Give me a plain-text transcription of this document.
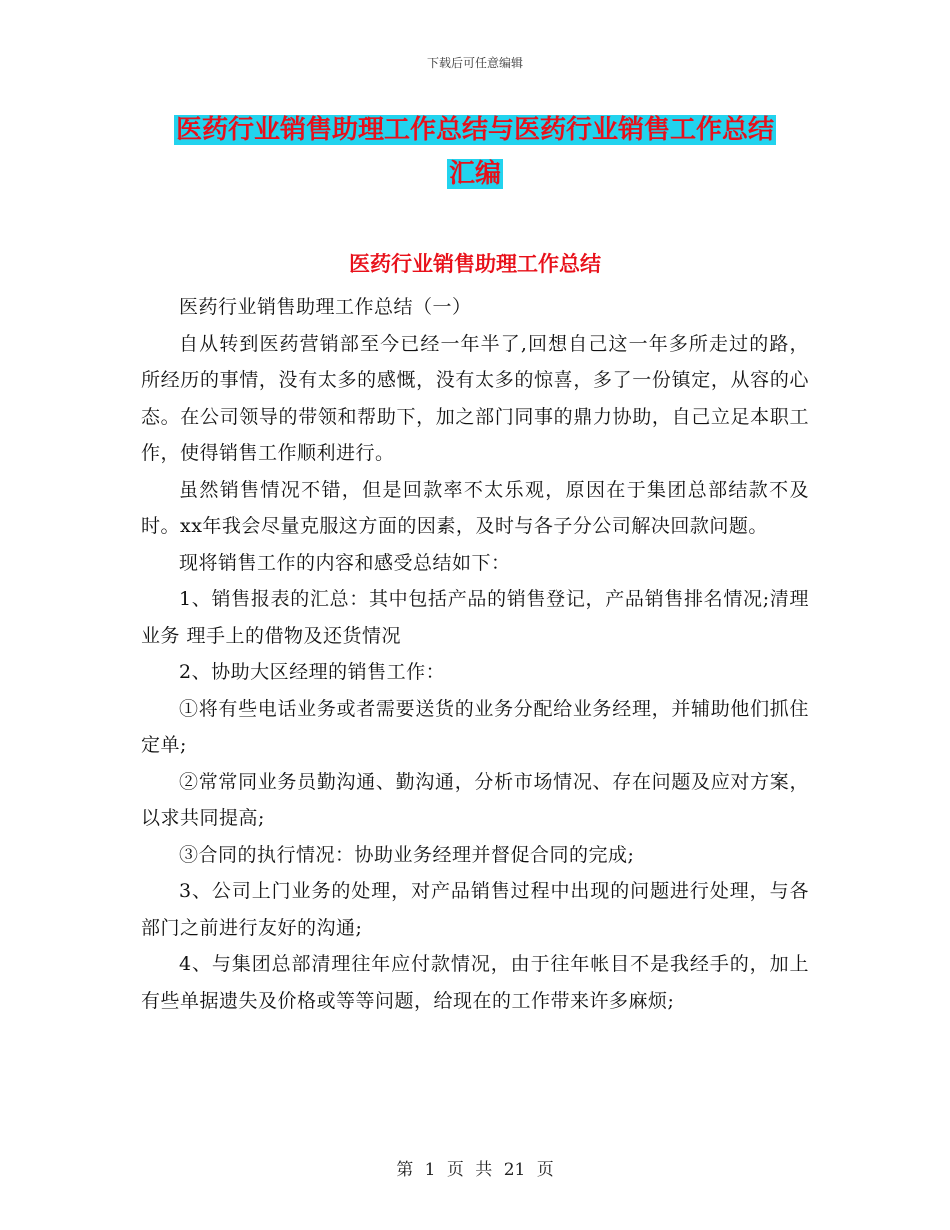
下载后可任意编辑
医药行业销售助理工作总结与医药行业销售工作总结
汇编
医药行业销售助理工作总结

医药行业销售助理工作总结（一）

自从转到医药营销部至今已经一年半了,回想自己这一年多所走过的路，所经历的事情，没有太多的感慨，没有太多的惊喜，多了一份镇定，从容的心态。在公司领导的带领和帮助下，加之部门同事的鼎力协助，自己立足本职工作，使得销售工作顺利进行。

虽然销售情况不错，但是回款率不太乐观，原因在于集团总部结款不及时。xx年我会尽量克服这方面的因素，及时与各子分公司解决回款问题。

现将销售工作的内容和感受总结如下：

1、销售报表的汇总：其中包括产品的销售登记，产品销售排名情况;清理业务 理手上的借物及还货情况

2、协助大区经理的销售工作：

①将有些电话业务或者需要送货的业务分配给业务经理，并辅助他们抓住定单;

②常常同业务员勤沟通、勤沟通，分析市场情况、存在问题及应对方案，以求共同提高;

③合同的执行情况：协助业务经理并督促合同的完成;

3、公司上门业务的处理，对产品销售过程中出现的问题进行处理，与各部门之前进行友好的沟通;

4、与集团总部清理往年应付款情况，由于往年帐目不是我经手的，加上有些单据遗失及价格或等等问题，给现在的工作带来许多麻烦;

第 1 页 共 21 页
